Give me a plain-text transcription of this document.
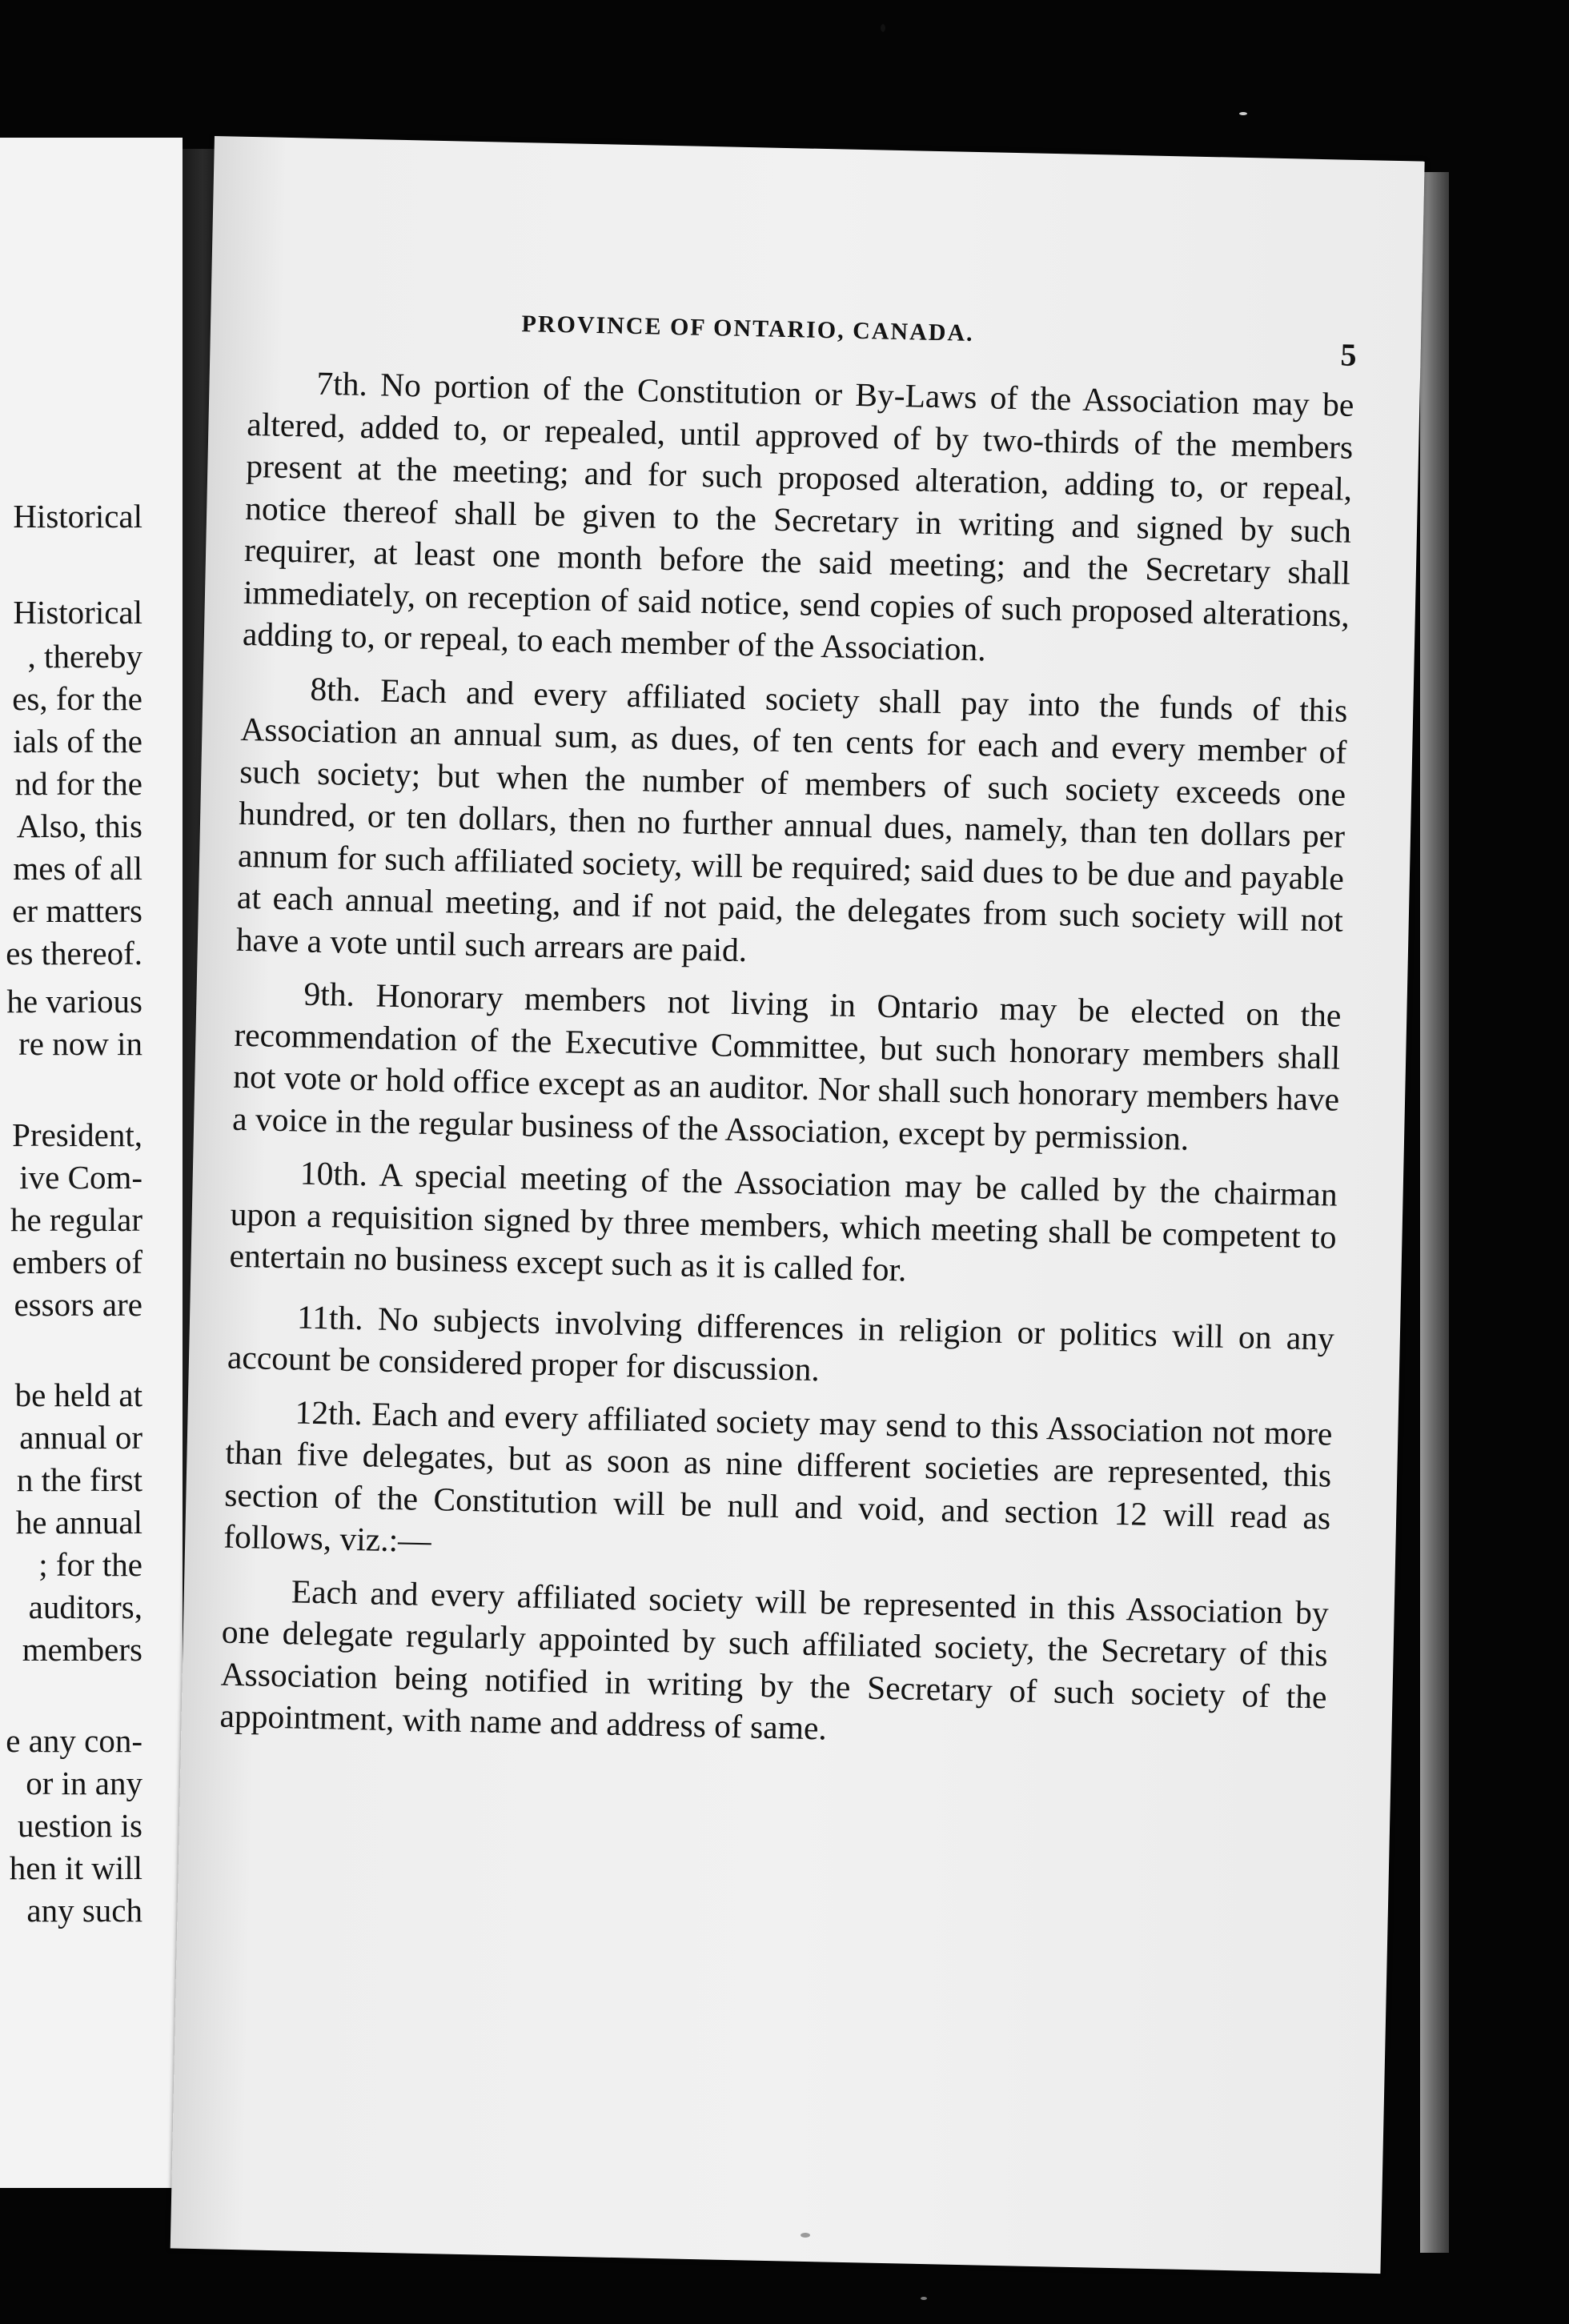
Historical
Historical
, thereby
es, for the
ials of the
nd for the
Also, this
mes of all
er matters
es thereof.
he various
re now in
President,
ive Com-
he regular
embers of
essors are
be held at
annual or
n the first
he annual
; for the
auditors,
members
e any con-
or in any
uestion is
hen it will
any such
PROVINCE OF ONTARIO, CANADA.
5

7th. No portion of the Constitution or By-Laws of the Association may be altered, added to, or repealed, until approved of by two-thirds of the members present at the meeting; and for such proposed alteration, adding to, or repeal, notice thereof shall be given to the Secretary in writing and signed by such requirer, at least one month before the said meeting; and the Secretary shall immediately, on reception of said notice, send copies of such proposed alterations, adding to, or repeal, to each member of the Association.

8th. Each and every affiliated society shall pay into the funds of this Association an annual sum, as dues, of ten cents for each and every member of such society; but when the number of members of such society exceeds one hundred, or ten dollars, then no further annual dues, namely, than ten dollars per annum for such affiliated society, will be required; said dues to be due and payable at each annual meeting, and if not paid, the delegates from such society will not have a vote until such arrears are paid.

9th. Honorary members not living in Ontario may be elected on the recommendation of the Executive Committee, but such honorary members shall not vote or hold office except as an auditor. Nor shall such honorary members have a voice in the regular business of the Association, except by permission.

10th. A special meeting of the Association may be called by the chairman upon a requisition signed by three members, which meeting shall be competent to entertain no business except such as it is called for.

11th. No subjects involving differences in religion or politics will on any account be considered proper for discussion.

12th. Each and every affiliated society may send to this Association not more than five delegates, but as soon as nine different societies are represented, this section of the Constitution will be null and void, and section 12 will read as follows, viz.:—

Each and every affiliated society will be represented in this Association by one delegate regularly appointed by such affiliated society, the Secretary of this Association being notified in writing by the Secretary of such society of the appointment, with name and address of same.
